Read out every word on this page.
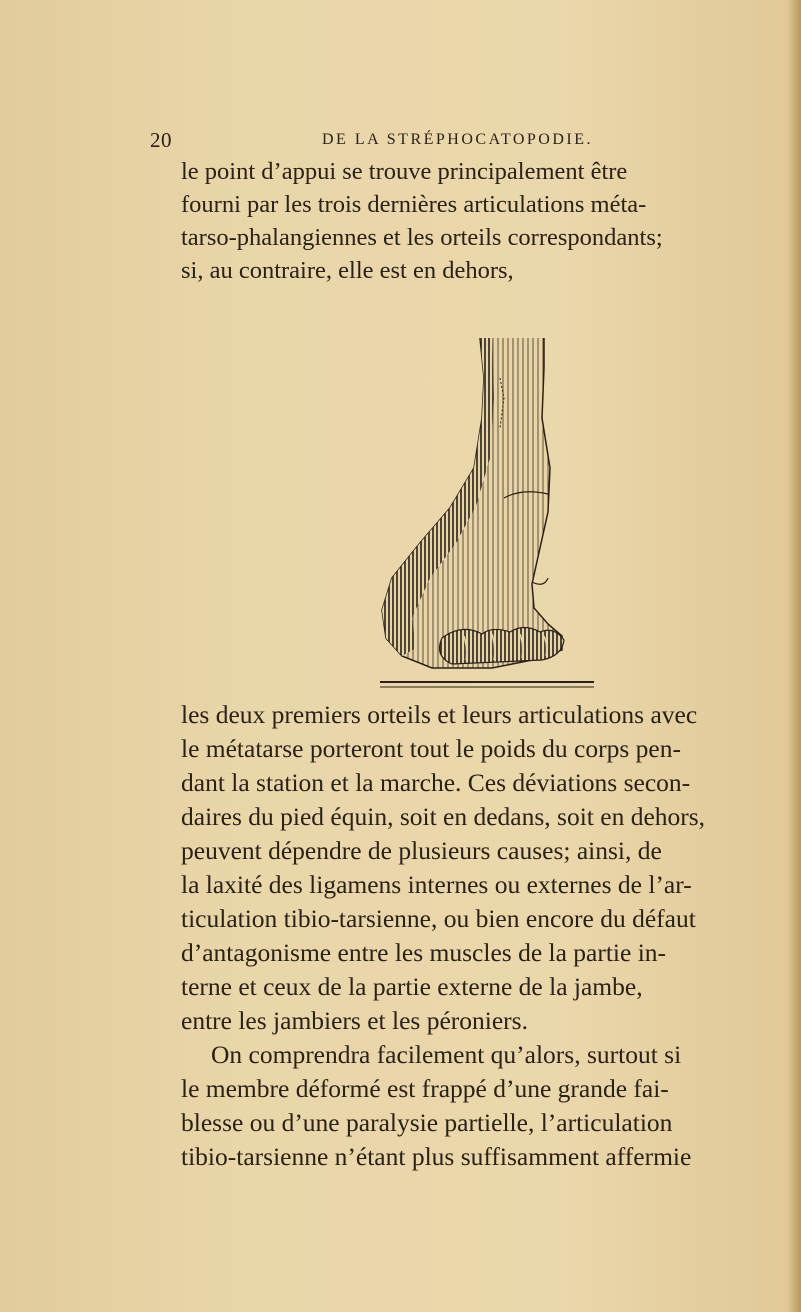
20	DE LA STRÉPHOCATOPODIE.
le point d’appui se trouve principalement être
fourni par les trois dernières articulations méta-
tarso-phalangiennes et les orteils correspondants;
si, au contraire, elle est en dehors,
les deux premiers orteils et leurs articulations avec
le métatarse porteront tout le poids du corps pen-
dant la station et la marche. Ces déviations secon-
daires du pied équin, soit en dedans, soit en dehors,
peuvent dépendre de plusieurs causes; ainsi, de
la laxité des ligamens internes ou externes de l’ar-
ticulation tibio-tarsienne, ou bien encore du défaut
d’antagonisme entre les muscles de la partie in-
terne et ceux de la partie externe de la jambe,
entre les jambiers et les péroniers.
On comprendra facilement qu’alors, surtout si
le membre déformé est frappé d’une grande fai-
blesse ou d’une paralysie partielle, l’articulation
tibio-tarsienne n’étant plus suffisamment affermie
